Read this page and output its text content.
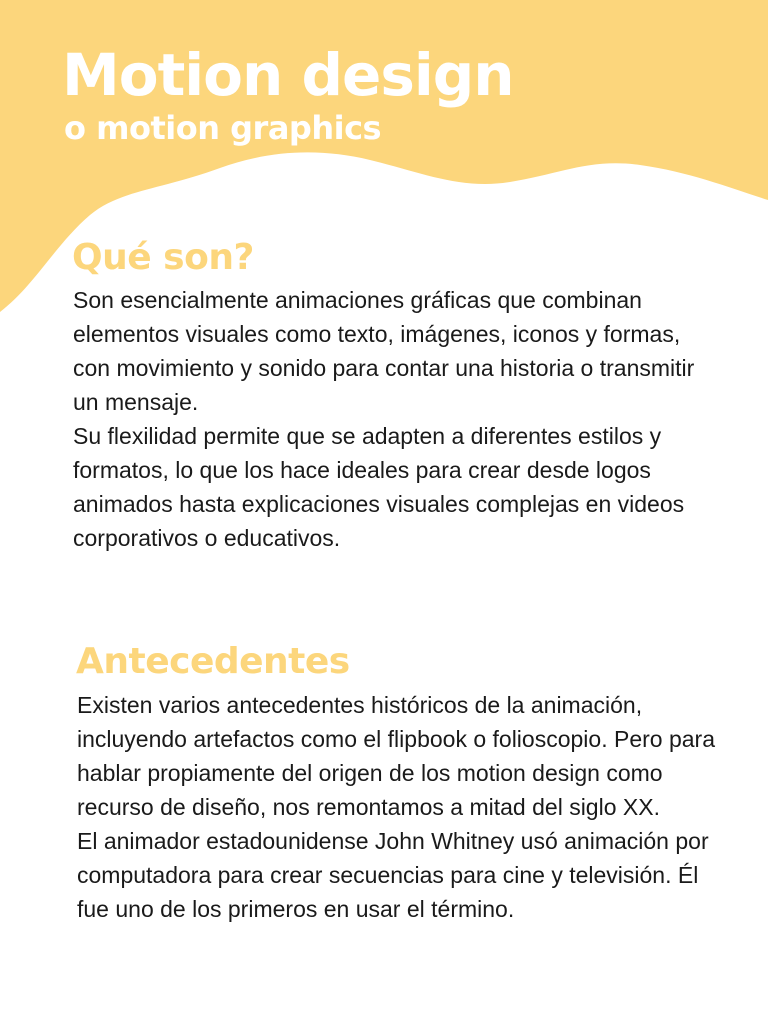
Motion design
o motion graphics
Qué son?

Son esencialmente animaciones gráficas que combinan elementos visuales como texto, imágenes, iconos y formas, con movimiento y sonido para contar una historia o transmitir un mensaje.

Su flexilidad permite que se adapten a diferentes estilos y formatos, lo que los hace ideales para crear desde logos animados hasta explicaciones visuales complejas en videos corporativos o educativos.

Antecedentes

Existen varios antecedentes históricos de la animación, incluyendo artefactos como el flipbook o folioscopio. Pero para hablar propiamente del origen de los motion design como recurso de diseño, nos remontamos a mitad del siglo XX.

El animador estadounidense John Whitney usó animación por computadora para crear secuencias para cine y televisión. Él fue uno de los primeros en usar el término.
